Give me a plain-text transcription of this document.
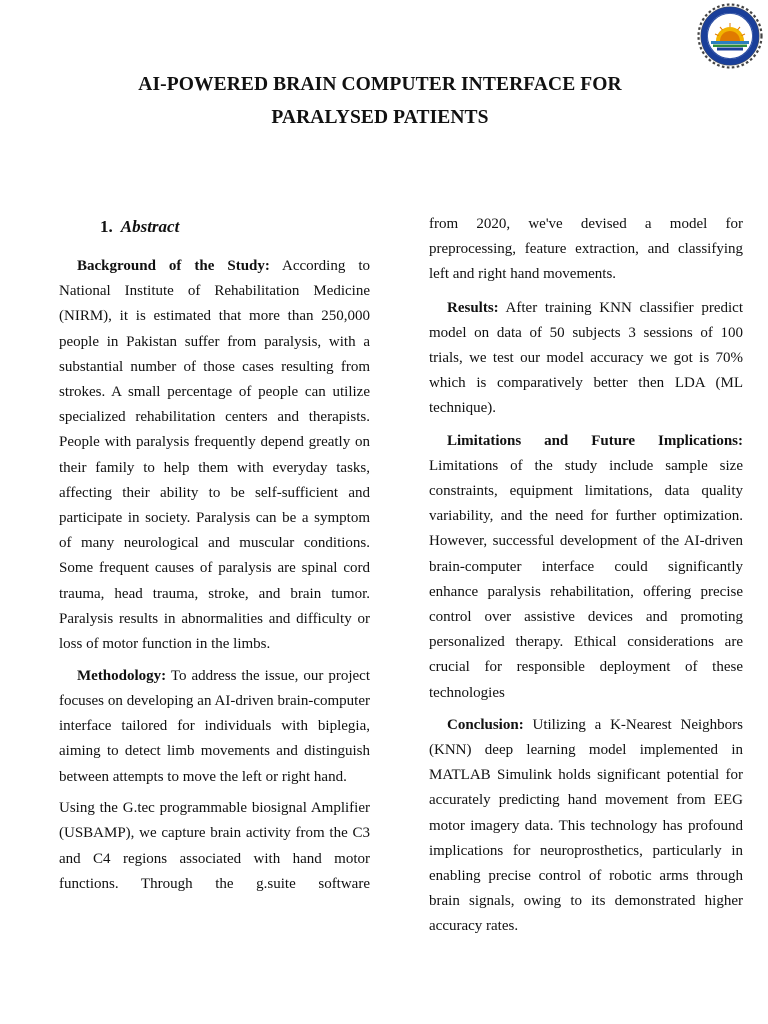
AI-POWERED BRAIN COMPUTER INTERFACE FOR
PARALYSED PATIENTS
1. Abstract

Background of the Study: According to National Institute of Rehabilitation Medicine (NIRM), it is estimated that more than 250,000 people in Pakistan suffer from paralysis, with a substantial number of those cases resulting from strokes. A small percentage of people can utilize specialized rehabilitation centers and therapists. People with paralysis frequently depend greatly on their family to help them with everyday tasks, affecting their ability to be self-sufficient and participate in society. Paralysis can be a symptom of many neurological and muscular conditions. Some frequent causes of paralysis are spinal cord trauma, head trauma, stroke, and brain tumor. Paralysis results in abnormalities and difficulty or loss of motor function in the limbs.

Methodology: To address the issue, our project focuses on developing an AI-driven brain-computer interface tailored for individuals with biplegia, aiming to detect limb movements and distinguish between attempts to move the left or right hand.

Using the G.tec programmable biosignal Amplifier (USBAMP), we capture brain activity from the C3 and C4 regions associated with hand motor functions. Through the g.suite software

from 2020, we've devised a model for preprocessing, feature extraction, and classifying left and right hand movements.

Results: After training KNN classifier predict model on data of 50 subjects 3 sessions of 100 trials, we test our model accuracy we got is 70% which is comparatively better then LDA (ML technique).

Limitations and Future Implications: Limitations of the study include sample size constraints, equipment limitations, data quality variability, and the need for further optimization. However, successful development of the AI-driven brain-computer interface could significantly enhance paralysis rehabilitation, offering precise control over assistive devices and promoting personalized therapy. Ethical considerations are crucial for responsible deployment of these technologies

Conclusion: Utilizing a K-Nearest Neighbors (KNN) deep learning model implemented in MATLAB Simulink holds significant potential for accurately predicting hand movement from EEG motor imagery data. This technology has profound implications for neuroprosthetics, particularly in enabling precise control of robotic arms through brain signals, owing to its demonstrated higher accuracy rates.
